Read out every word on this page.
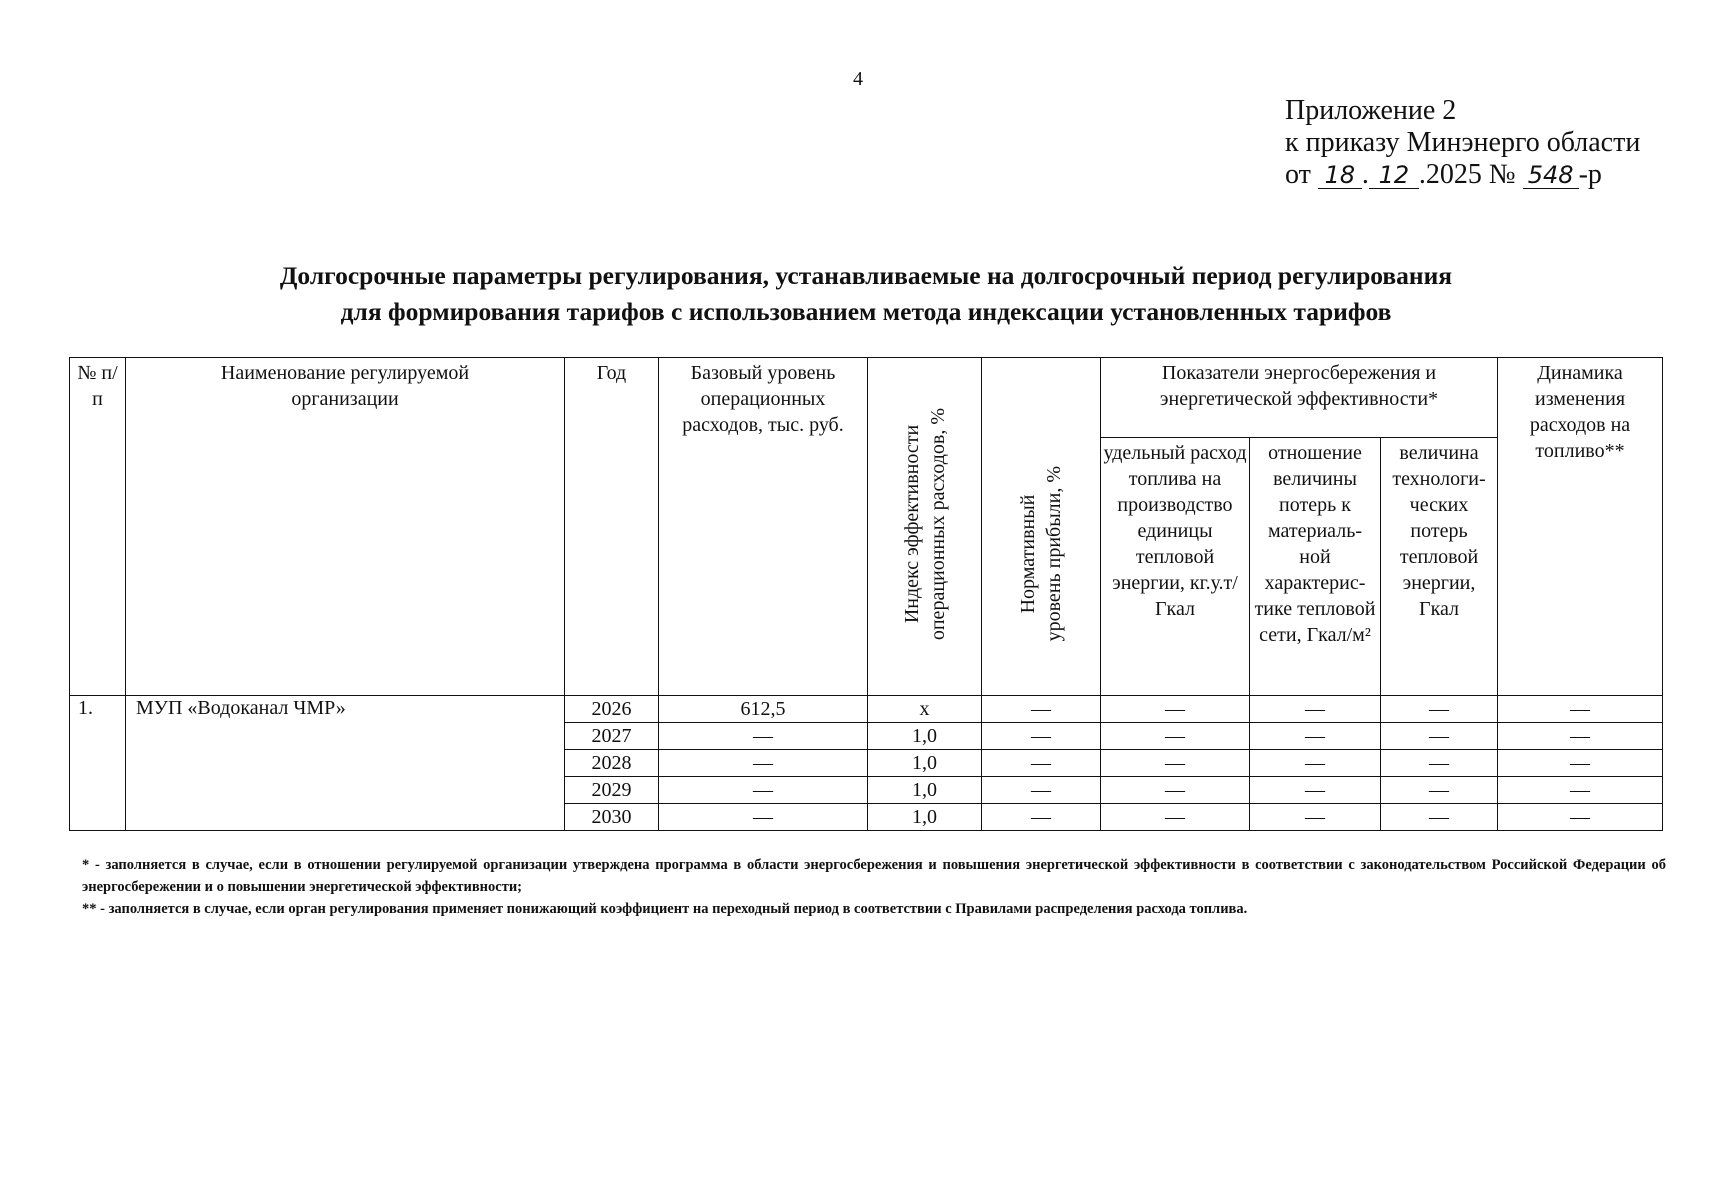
4
Приложение 2
к приказу Минэнерго области
от 18 . 12 .2025 № 548 -р
Долгосрочные параметры регулирования, устанавливаемые на долгосрочный период регулирования
для формирования тарифов с использованием метода индексации установленных тарифов
№ п/п	Наименование регулируемой организации	Год	Базовый уровень операционных расходов, тыс. руб.	Индекс эффективности операционных расходов, %	Нормативный уровень прибыли, %	Показатели энергосбережения и энергетической эффективности*			Динамика изменения расходов на топливо**
						удельный расход топлива на производство единицы тепловой энергии, кг.у.т/Гкал	отношение величины потерь к материаль-ной характерис-тике тепловой сети, Гкал/м²	величина технологи-ческих потерь тепловой энергии, Гкал	
1.	МУП «Водоканал ЧМР»	2026	612,5	х	—	—	—	—	—
		2027	—	1,0	—	—	—	—	—
		2028	—	1,0	—	—	—	—	—
		2029	—	1,0	—	—	—	—	—
		2030	—	1,0	—	—	—	—	—

* - заполняется в случае, если в отношении регулируемой организации утверждена программа в области энергосбережения и повышения энергетической эффективности в соответствии с законодательством Российской Федерации об энергосбережении и о повышении энергетической эффективности;

** - заполняется в случае, если орган регулирования применяет понижающий коэффициент на переходный период в соответствии с Правилами распределения расхода топлива.
